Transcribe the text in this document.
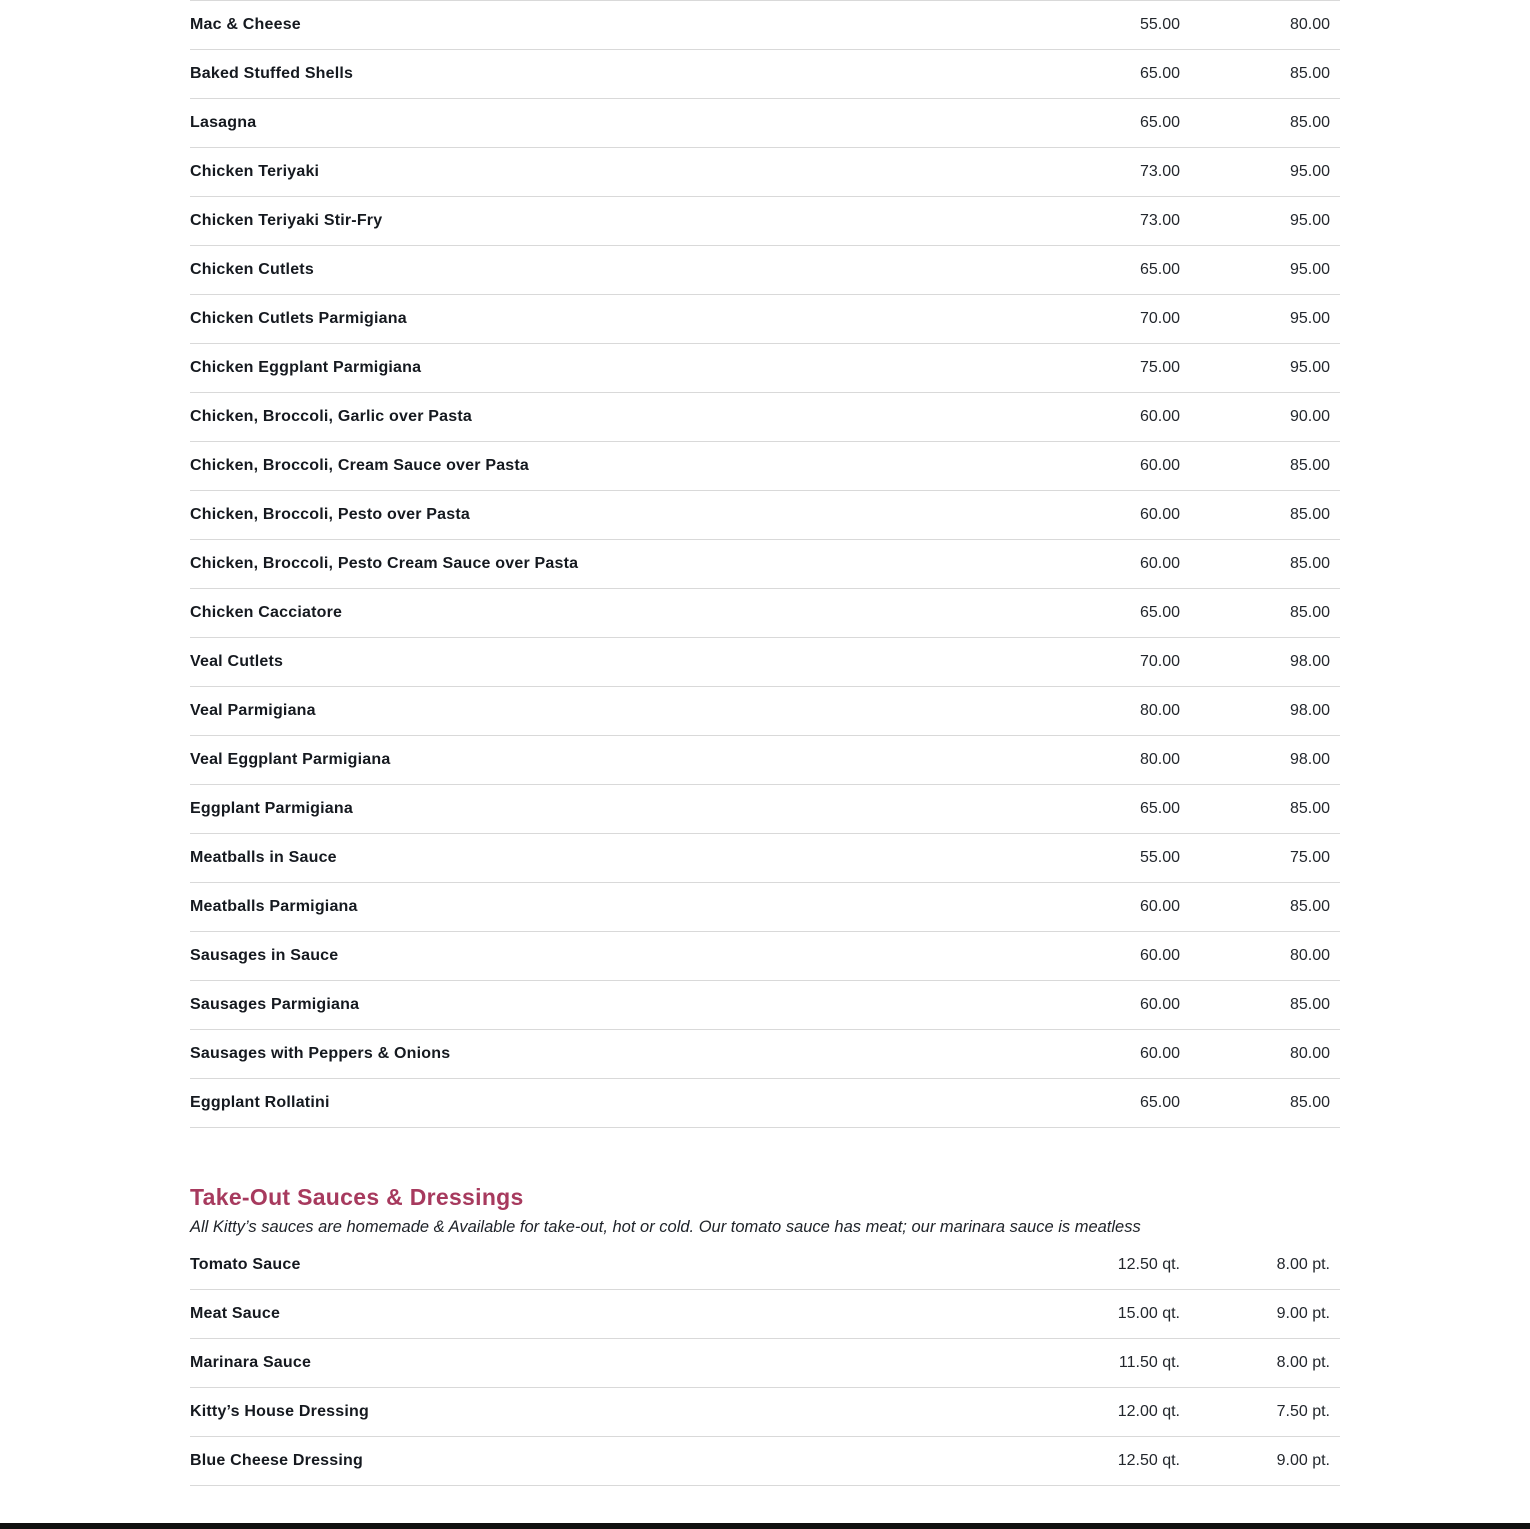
Mac & Cheese	55.00	80.00
Baked Stuffed Shells	65.00	85.00
Lasagna	65.00	85.00
Chicken Teriyaki	73.00	95.00
Chicken Teriyaki Stir-Fry	73.00	95.00
Chicken Cutlets	65.00	95.00
Chicken Cutlets Parmigiana	70.00	95.00
Chicken Eggplant Parmigiana	75.00	95.00
Chicken, Broccoli, Garlic over Pasta	60.00	90.00
Chicken, Broccoli, Cream Sauce over Pasta	60.00	85.00
Chicken, Broccoli, Pesto over Pasta	60.00	85.00
Chicken, Broccoli, Pesto Cream Sauce over Pasta	60.00	85.00
Chicken Cacciatore	65.00	85.00
Veal Cutlets	70.00	98.00
Veal Parmigiana	80.00	98.00
Veal Eggplant Parmigiana	80.00	98.00
Eggplant Parmigiana	65.00	85.00
Meatballs in Sauce	55.00	75.00
Meatballs Parmigiana	60.00	85.00
Sausages in Sauce	60.00	80.00
Sausages Parmigiana	60.00	85.00
Sausages with Peppers & Onions	60.00	80.00
Eggplant Rollatini	65.00	85.00
Take-Out Sauces & Dressings

All Kitty’s sauces are homemade & Available for take-out, hot or cold. Our tomato sauce has meat; our marinara sauce is meatless

Tomato Sauce	12.50 qt.	8.00 pt.
Meat Sauce	15.00 qt.	9.00 pt.
Marinara Sauce	11.50 qt.	8.00 pt.
Kitty’s House Dressing	12.00 qt.	7.50 pt.
Blue Cheese Dressing	12.50 qt.	9.00 pt.
